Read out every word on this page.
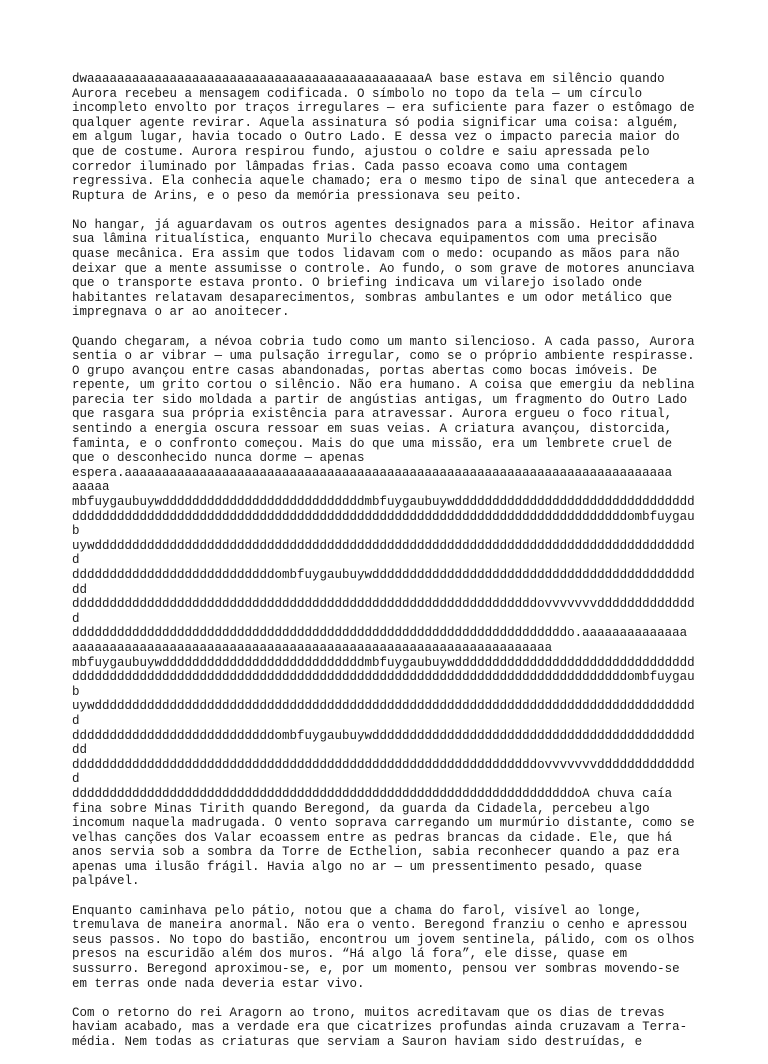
dwaaaaaaaaaaaaaaaaaaaaaaaaaaaaaaaaaaaaaaaaaaaaaA base estava em silêncio quando
Aurora recebeu a mensagem codificada. O símbolo no topo da tela — um círculo
incompleto envolto por traços irregulares — era suficiente para fazer o estômago de
qualquer agente revirar. Aquela assinatura só podia significar uma coisa: alguém,
em algum lugar, havia tocado o Outro Lado. E dessa vez o impacto parecia maior do
que de costume. Aurora respirou fundo, ajustou o coldre e saiu apressada pelo
corredor iluminado por lâmpadas frias. Cada passo ecoava como uma contagem
regressiva. Ela conhecia aquele chamado; era o mesmo tipo de sinal que antecedera a
Ruptura de Arins, e o peso da memória pressionava seu peito.

No hangar, já aguardavam os outros agentes designados para a missão. Heitor afinava
sua lâmina ritualística, enquanto Murilo checava equipamentos com uma precisão
quase mecânica. Era assim que todos lidavam com o medo: ocupando as mãos para não
deixar que a mente assumisse o controle. Ao fundo, o som grave de motores anunciava
que o transporte estava pronto. O briefing indicava um vilarejo isolado onde
habitantes relatavam desaparecimentos, sombras ambulantes e um odor metálico que
impregnava o ar ao anoitecer.

Quando chegaram, a névoa cobria tudo como um manto silencioso. A cada passo, Aurora
sentia o ar vibrar — uma pulsação irregular, como se o próprio ambiente respirasse.
O grupo avançou entre casas abandonadas, portas abertas como bocas imóveis. De
repente, um grito cortou o silêncio. Não era humano. A coisa que emergiu da neblina
parecia ter sido moldada a partir de angústias antigas, um fragmento do Outro Lado
que rasgara sua própria existência para atravessar. Aurora ergueu o foco ritual,
sentindo a energia oscura ressoar em suas veias. A criatura avançou, distorcida,
faminta, e o confronto começou. Mais do que uma missão, era um lembrete cruel de
que o desconhecido nunca dorme — apenas
espera.aaaaaaaaaaaaaaaaaaaaaaaaaaaaaaaaaaaaaaaaaaaaaaaaaaaaaaaaaaaaaaaaaaaaaaaaa
aaaaa
mbfuygaubuywdddddddddddddddddddddddddddmbfuygaubuywdddddddddddddddddddddddddddddddd
ddddddddddddddddddddddddddddddddddddddddddddddddddddddddddddddddddddddddddombfuygaub
uywddddddddddddddddddddddddddddddddddddddddddddddddddddddddddddddddddddddddddddddddd
dddddddddddddddddddddddddddombfuygaubuywddddddddddddddddddddddddddddddddddddddddddddd
ddddddddddddddddddddddddddddddddddddddddddddddddddddddddddddddovvvvvvvdddddddddddddd
ddddddddddddddddddddddddddddddddddddddddddddddddddddddddddddddddddo.aaaaaaaaaaaaaa
aaaaaaaaaaaaaaaaaaaaaaaaaaaaaaaaaaaaaaaaaaaaaaaaaaaaaaaaaaaaaaaa
mbfuygaubuywdddddddddddddddddddddddddddmbfuygaubuywdddddddddddddddddddddddddddddddd
ddddddddddddddddddddddddddddddddddddddddddddddddddddddddddddddddddddddddddombfuygaub
uywddddddddddddddddddddddddddddddddddddddddddddddddddddddddddddddddddddddddddddddddd
dddddddddddddddddddddddddddombfuygaubuywddddddddddddddddddddddddddddddddddddddddddddd
ddddddddddddddddddddddddddddddddddddddddddddddddddddddddddddddovvvvvvvdddddddddddddd
dddddddddddddddddddddddddddddddddddddddddddddddddddddddddddddddddddoA chuva caía
fina sobre Minas Tirith quando Beregond, da guarda da Cidadela, percebeu algo
incomum naquela madrugada. O vento soprava carregando um murmúrio distante, como se
velhas canções dos Valar ecoassem entre as pedras brancas da cidade. Ele, que há
anos servia sob a sombra da Torre de Ecthelion, sabia reconhecer quando a paz era
apenas uma ilusão frágil. Havia algo no ar — um pressentimento pesado, quase
palpável.

Enquanto caminhava pelo pátio, notou que a chama do farol, visível ao longe,
tremulava de maneira anormal. Não era o vento. Beregond franziu o cenho e apressou
seus passos. No topo do bastião, encontrou um jovem sentinela, pálido, com os olhos
presos na escuridão além dos muros. “Há algo lá fora”, ele disse, quase em
sussurro. Beregond aproximou-se, e, por um momento, pensou ver sombras movendo-se
em terras onde nada deveria estar vivo.

Com o retorno do rei Aragorn ao trono, muitos acreditavam que os dias de trevas
haviam acabado, mas a verdade era que cicatrizes profundas ainda cruzavam a Terra-
média. Nem todas as criaturas que serviam a Sauron haviam sido destruídas, e
